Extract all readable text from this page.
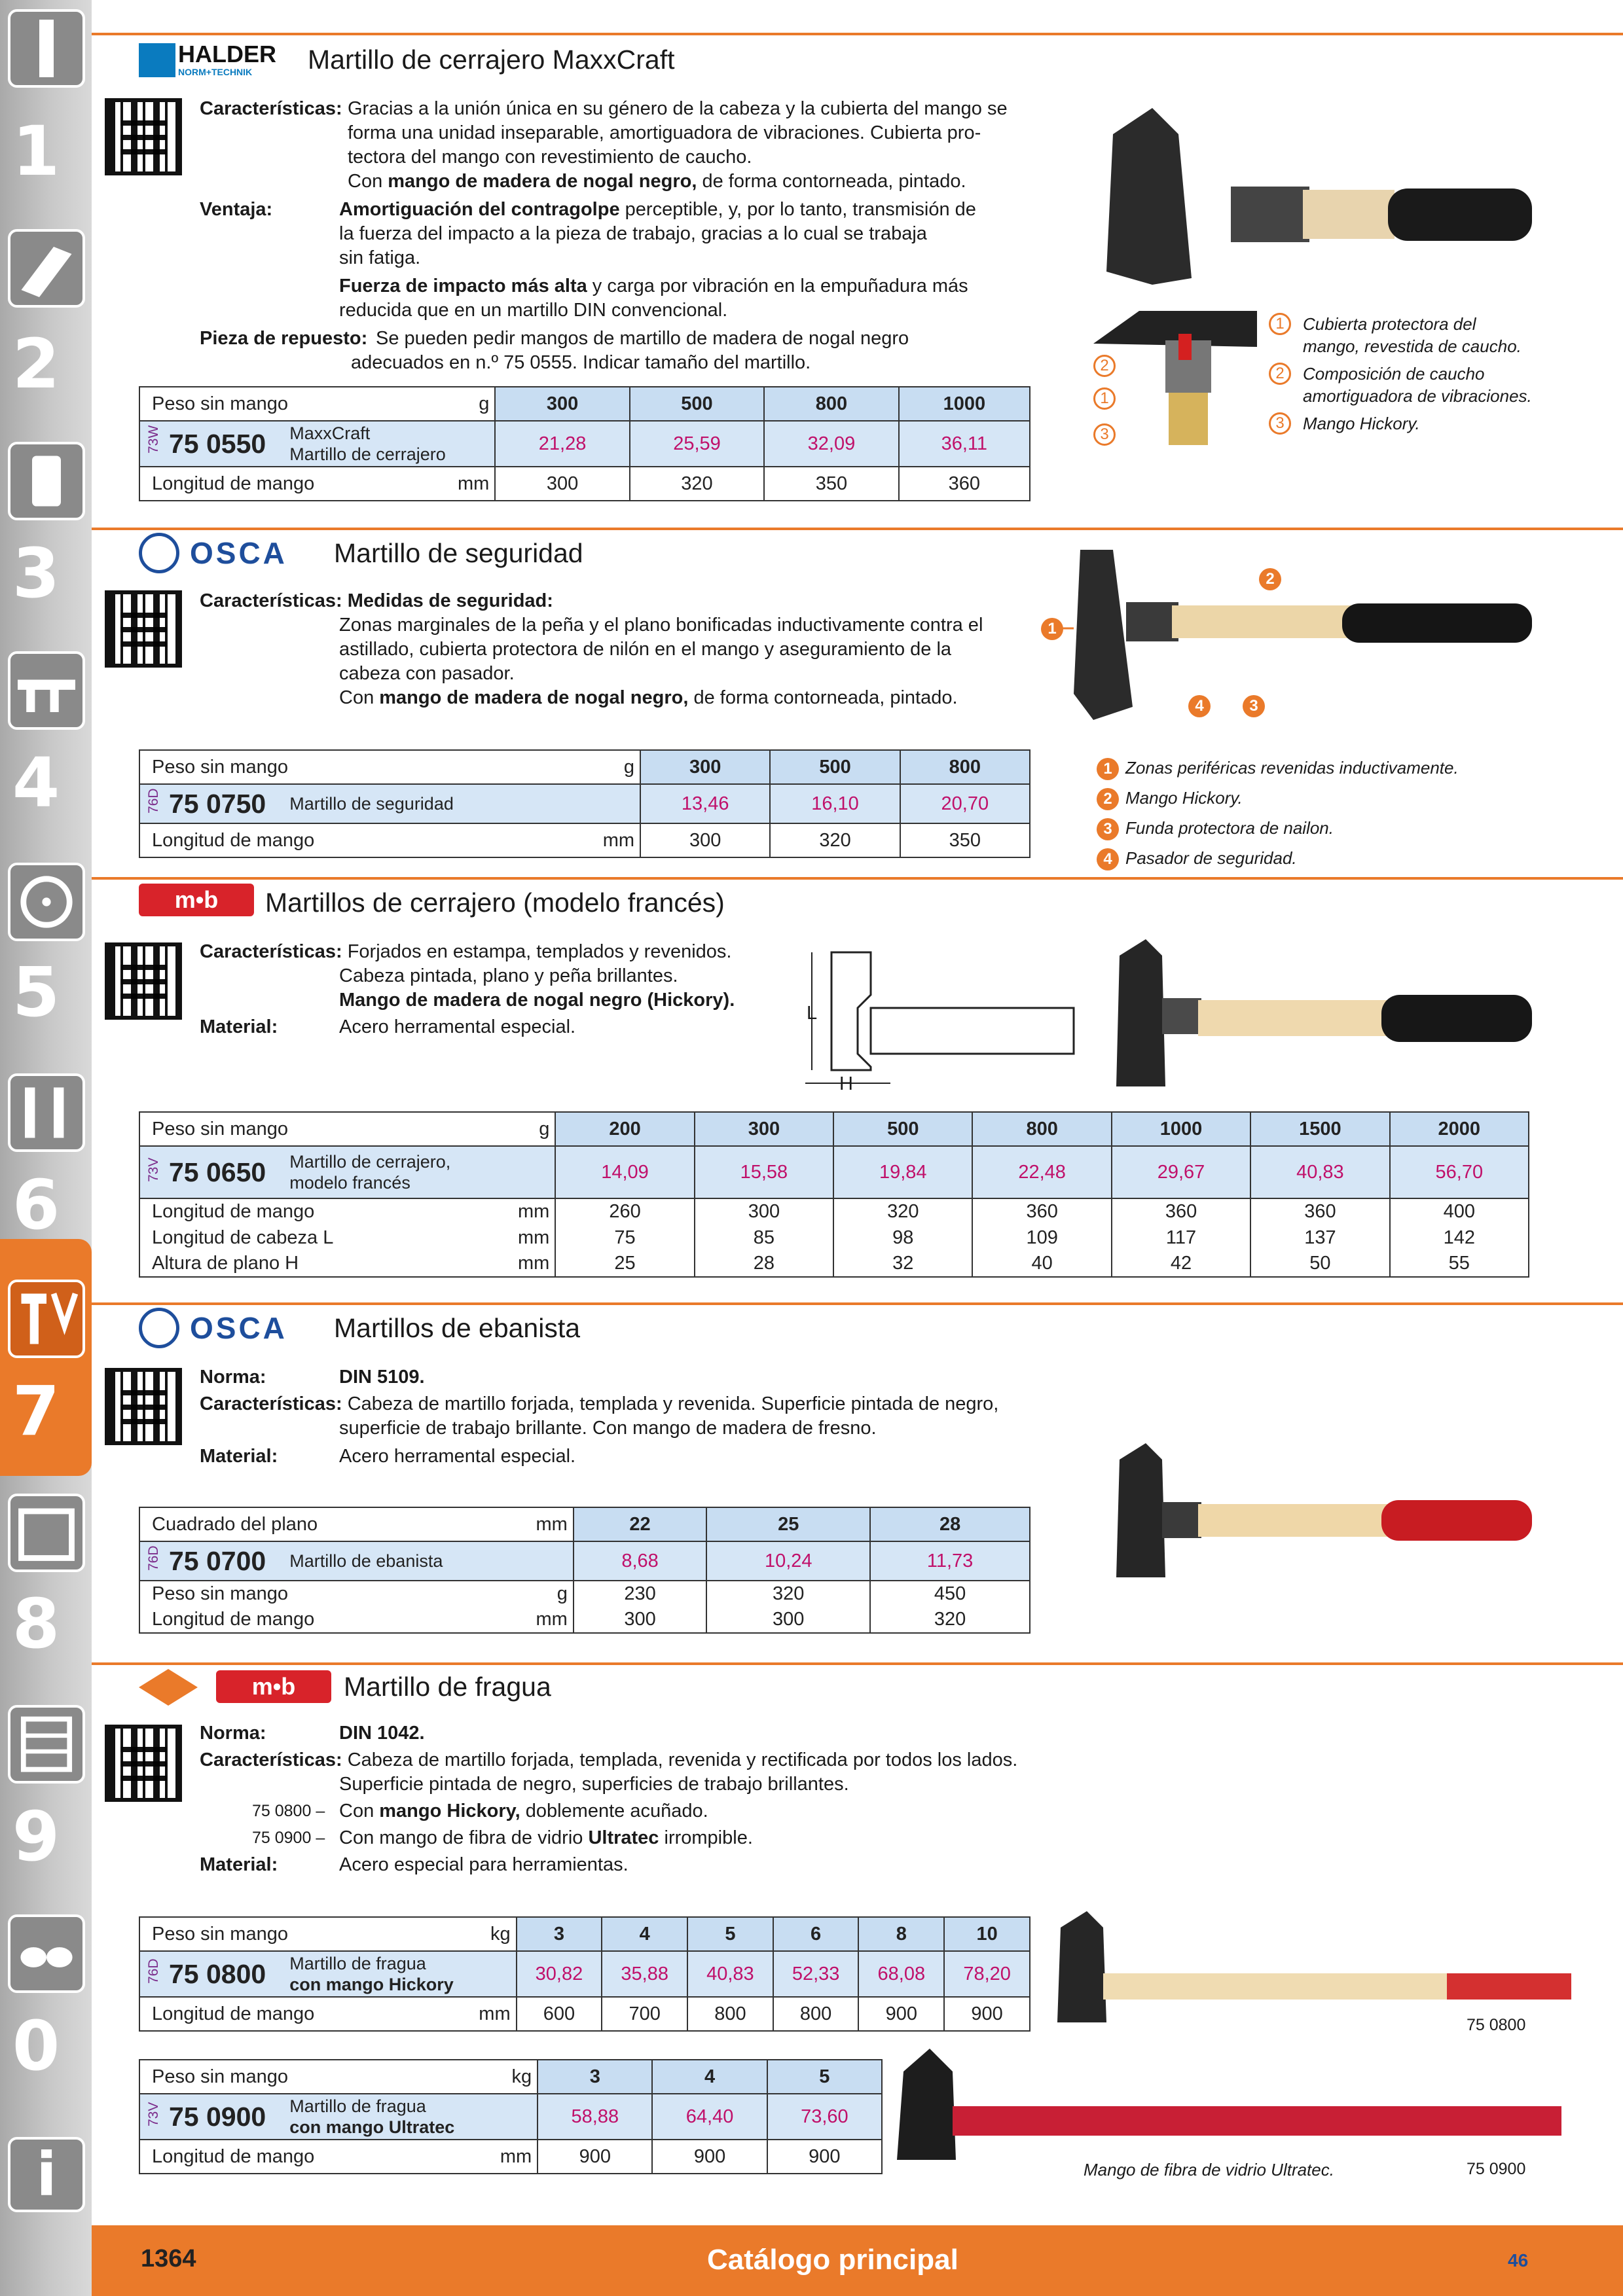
1
2
3
4
5
6
7
8
9
0
i
HALDER
NORM+TECHNIK Martillo de cerrajero MaxxCraft
Características: Gracias a la unión única en su género de la cabeza y la cubierta del mango se
forma una unidad inseparable, amortiguadora de vibraciones. Cubierta pro-
tectora del mango con revestimiento de caucho.
Con mango de madera de nogal negro, de forma contorneada, pintado.
Ventaja:	Amortiguación del contragolpe perceptible, y, por lo tanto, transmisión de
la fuerza del impacto a la pieza de trabajo, gracias a lo cual se trabaja
sin fatiga.
Fuerza de impacto más alta y carga por vibración en la empuñadura más
reducida que en un martillo DIN convencional.
Pieza de repuesto: Se pueden pedir mangos de martillo de madera de nogal negro
adecuados en n.º 75 0555. Indicar tamaño del martillo.
Peso sin mango	g	300	500	800	1000
73W 75 0550 MaxxCraft
Martillo de cerrajero		21,28	25,59	32,09	36,11
Longitud de mango	mm	300	320	350	360
2
1
3
1	Cubierta protectora del
mango, revestida de caucho.
2	Composición de caucho
amortiguadora de vibraciones.
3	Mango Hickory.
OSCA Martillo de seguridad
Características: Medidas de seguridad:
Zonas marginales de la peña y el plano bonificadas inductivamente contra el
astillado, cubierta protectora de nilón en el mango y aseguramiento de la
cabeza con pasador.
Con mango de madera de nogal negro, de forma contorneada, pintado.
Peso sin mango	g	300	500	800
76D 75 0750 Martillo de seguridad		13,46	16,10	20,70
Longitud de mango	mm	300	320	350
1
2
3
4
1 Zonas periféricas revenidas inductivamente.
2 Mango Hickory.
3 Funda protectora de nailon.
4 Pasador de seguridad.
m•b	Martillos de cerrajero (modelo francés)
Características: Forjados en estampa, templados y revenidos.
Cabeza pintada, plano y peña brillantes.
Mango de madera de nogal negro (Hickory).
Material:	Acero herramental especial.
L
H
Peso sin mango	g	200	300	500	800	1000	1500	2000
73V 75 0650 Martillo de cerrajero,
modelo francés		14,09	15,58	19,84	22,48	29,67	40,83	56,70
Longitud de mango	mm	260	300	320	360	360	360	400
Longitud de cabeza L	mm	75	85	98	109	117	137	142
Altura de plano H	mm	25	28	32	40	42	50	55
OSCA Martillos de ebanista
Norma:	DIN 5109.
Características: Cabeza de martillo forjada, templada y revenida. Superficie pintada de negro,
superficie de trabajo brillante. Con mango de madera de fresno.
Material:	Acero herramental especial.
Cuadrado del plano	mm	22	25	28
76D 75 0700 Martillo de ebanista		8,68	10,24	11,73
Peso sin mango	g	230	320	450
Longitud de mango	mm	300	300	320
m•b	Martillo de fragua
Norma:	DIN 1042.
Características: Cabeza de martillo forjada, templada, revenida y rectificada por todos los lados.
Superficie pintada de negro, superficies de trabajo brillantes.
75 0800 – Con mango Hickory, doblemente acuñado.
75 0900 – Con mango de fibra de vidrio Ultratec irrompible.
Material:	Acero especial para herramientas.
Peso sin mango	kg	3	4	5	6	8	10
76D 75 0800 Martillo de fragua
con mango Hickory		30,82	35,88	40,83	52,33	68,08	78,20
Longitud de mango	mm	600	700	800	800	900	900
Peso sin mango	kg	3	4	5
73V 75 0900 Martillo de fragua
con mango Ultratec		58,88	64,40	73,60
Longitud de mango	mm	900	900	900
75 0800
Mango de fibra de vidrio Ultratec.	75 0900
1364	Catálogo principal	46
